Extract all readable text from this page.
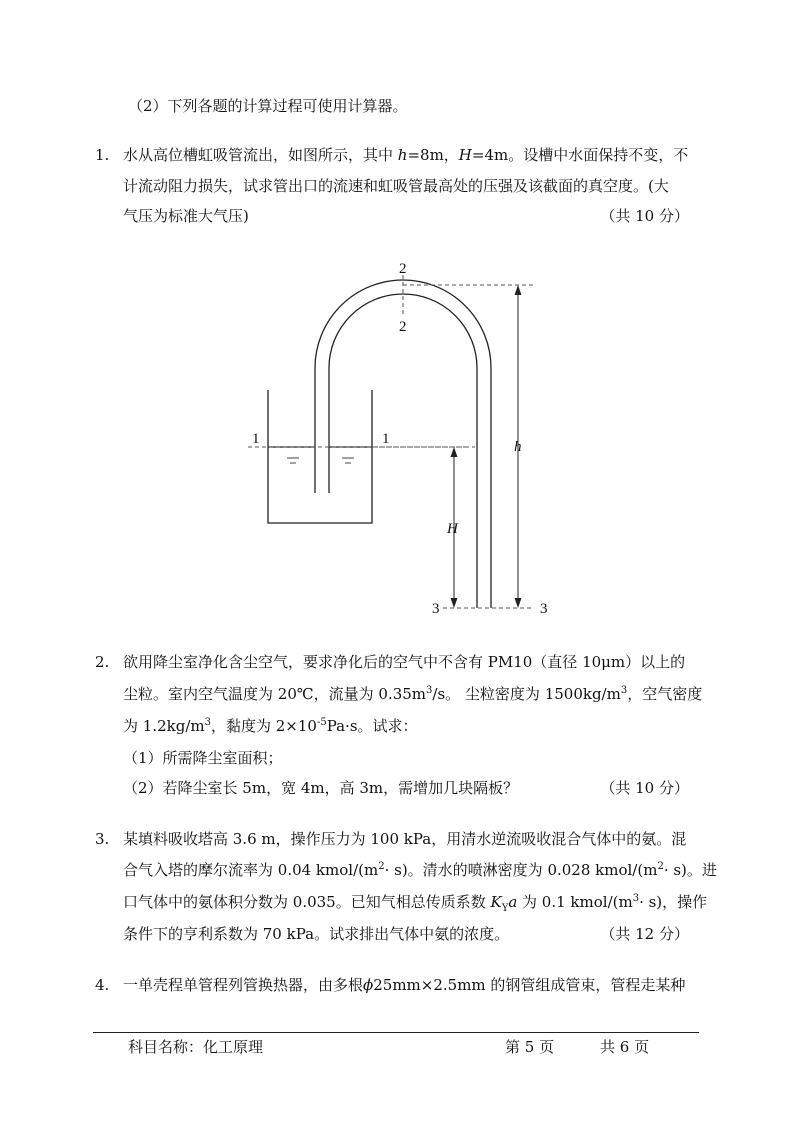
（2）下列各题的计算过程可使用计算器。
1. 水从高位槽虹吸管流出，如图所示，其中 h=8m，H=4m。设槽中水面保持不变，不
计流动阻力损失，试求管出口的流速和虹吸管最高处的压强及该截面的真空度。(大
气压为标准大气压)	（共 10 分）
2
2
1	1	h
H
3	3
2. 欲用降尘室净化含尘空气，要求净化后的空气中不含有 PM10（直径 10μm）以上的
尘粒。室内空气温度为 20℃，流量为 $0.35m^3/s$。 尘粒密度为 $1500kg/m^3$，空气密度
为 $1.2kg/m^3$，黏度为 $2\times 10^{-5}Pa\cdot s$。试求：
（1）所需降尘室面积；
（2）若降尘室长 5m，宽 4m，高 3m，需增加几块隔板？	（共 10 分）
3. 某填料吸收塔高 3.6 m，操作压力为 100 kPa，用清水逆流吸收混合气体中的氨。混
合气入塔的摩尔流率为 0.04 kmol/$(m^2\cdot s)$。清水的喷淋密度为 0.028 kmol/$(m^2\cdot s)$。进
口气体中的氨体积分数为 0.035。已知气相总传质系数 $K_Ya$ 为 0.1 kmol/$(m^3\cdot s)$，操作
条件下的亨利系数为 70 kPa。试求排出气体中氨的浓度。	（共 12 分）
4. 一单壳程单管程列管换热器，由多根ϕ25mm×2.5mm 的钢管组成管束，管程走某种
科目名称：化工原理	第 5 页	共 6 页
